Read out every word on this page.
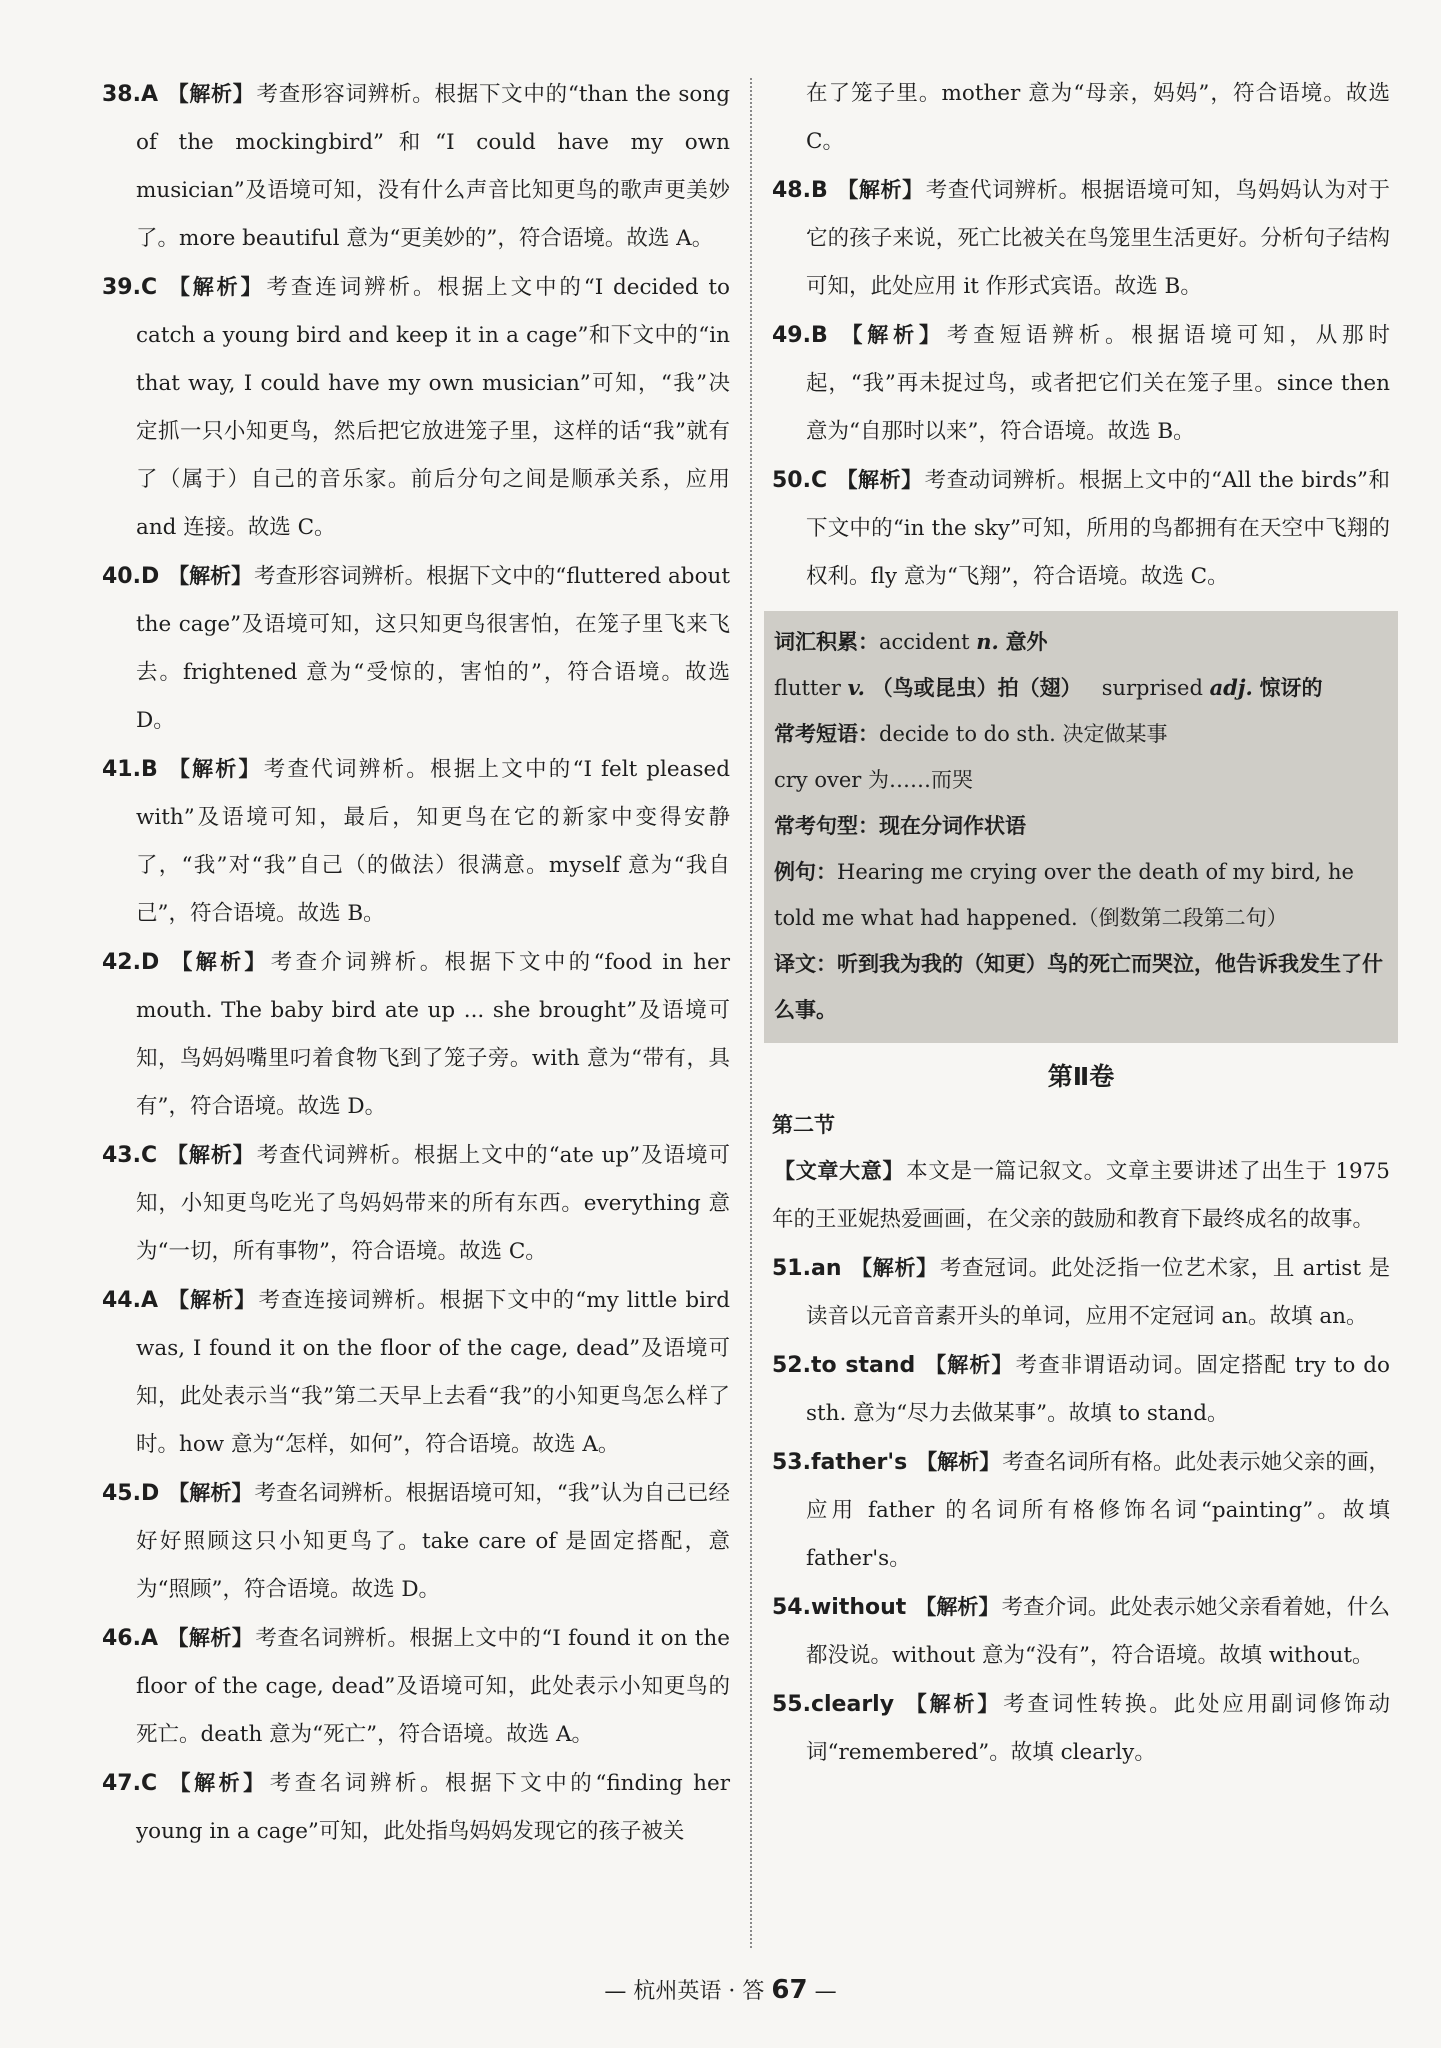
38.A 【解析】考查形容词辨析。根据下文中的“than the song of the mockingbird”和“I could have my own musician”及语境可知，没有什么声音比知更鸟的歌声更美妙了。more beautiful 意为“更美妙的”，符合语境。故选 A。

39.C 【解析】考查连词辨析。根据上文中的“I decided to catch a young bird and keep it in a cage”和下文中的“in that way, I could have my own musician”可知，“我”决定抓一只小知更鸟，然后把它放进笼子里，这样的话“我”就有了（属于）自己的音乐家。前后分句之间是顺承关系，应用 and 连接。故选 C。

40.D 【解析】考查形容词辨析。根据下文中的“fluttered about the cage”及语境可知，这只知更鸟很害怕，在笼子里飞来飞去。frightened 意为“受惊的，害怕的”，符合语境。故选 D。

41.B 【解析】考查代词辨析。根据上文中的“I felt pleased with”及语境可知，最后，知更鸟在它的新家中变得安静了，“我”对“我”自己（的做法）很满意。myself 意为“我自己”，符合语境。故选 B。

42.D 【解析】考查介词辨析。根据下文中的“food in her mouth. The baby bird ate up ... she brought”及语境可知，鸟妈妈嘴里叼着食物飞到了笼子旁。with 意为“带有，具有”，符合语境。故选 D。

43.C 【解析】考查代词辨析。根据上文中的“ate up”及语境可知，小知更鸟吃光了鸟妈妈带来的所有东西。everything 意为“一切，所有事物”，符合语境。故选 C。

44.A 【解析】考查连接词辨析。根据下文中的“my little bird was, I found it on the floor of the cage, dead”及语境可知，此处表示当“我”第二天早上去看“我”的小知更鸟怎么样了时。how 意为“怎样，如何”，符合语境。故选 A。

45.D 【解析】考查名词辨析。根据语境可知，“我”认为自己已经好好照顾这只小知更鸟了。take care of 是固定搭配，意为“照顾”，符合语境。故选 D。

46.A 【解析】考查名词辨析。根据上文中的“I found it on the floor of the cage, dead”及语境可知，此处表示小知更鸟的死亡。death 意为“死亡”，符合语境。故选 A。

47.C 【解析】考查名词辨析。根据下文中的“finding her young in a cage”可知，此处指鸟妈妈发现它的孩子被关

在了笼子里。mother 意为“母亲，妈妈”，符合语境。故选 C。

48.B 【解析】考查代词辨析。根据语境可知，鸟妈妈认为对于它的孩子来说，死亡比被关在鸟笼里生活更好。分析句子结构可知，此处应用 it 作形式宾语。故选 B。

49.B 【解析】考查短语辨析。根据语境可知，从那时起，“我”再未捉过鸟，或者把它们关在笼子里。since then 意为“自那时以来”，符合语境。故选 B。

50.C 【解析】考查动词辨析。根据上文中的“All the birds”和下文中的“in the sky”可知，所用的鸟都拥有在天空中飞翔的权利。fly 意为“飞翔”，符合语境。故选 C。

词汇积累：accident n. 意外
flutter v. （鸟或昆虫）拍（翅） surprised adj. 惊讶的
常考短语：decide to do sth. 决定做某事
cry over 为……而哭
常考句型：现在分词作状语
例句：Hearing me crying over the death of my bird, he told me what had happened.（倒数第二段第二句）
译文：听到我为我的（知更）鸟的死亡而哭泣，他告诉我发生了什么事。
第Ⅱ卷
第二节

【文章大意】本文是一篇记叙文。文章主要讲述了出生于 1975 年的王亚妮热爱画画，在父亲的鼓励和教育下最终成名的故事。

51.an 【解析】考查冠词。此处泛指一位艺术家，且 artist 是读音以元音音素开头的单词，应用不定冠词 an。故填 an。

52.to stand 【解析】考查非谓语动词。固定搭配 try to do sth. 意为“尽力去做某事”。故填 to stand。

53.father's 【解析】考查名词所有格。此处表示她父亲的画，应用 father 的名词所有格修饰名词“painting”。故填 father's。

54.without 【解析】考查介词。此处表示她父亲看着她，什么都没说。without 意为“没有”，符合语境。故填 without。

55.clearly 【解析】考查词性转换。此处应用副词修饰动词“remembered”。故填 clearly。

— 杭州英语 · 答 67 —
